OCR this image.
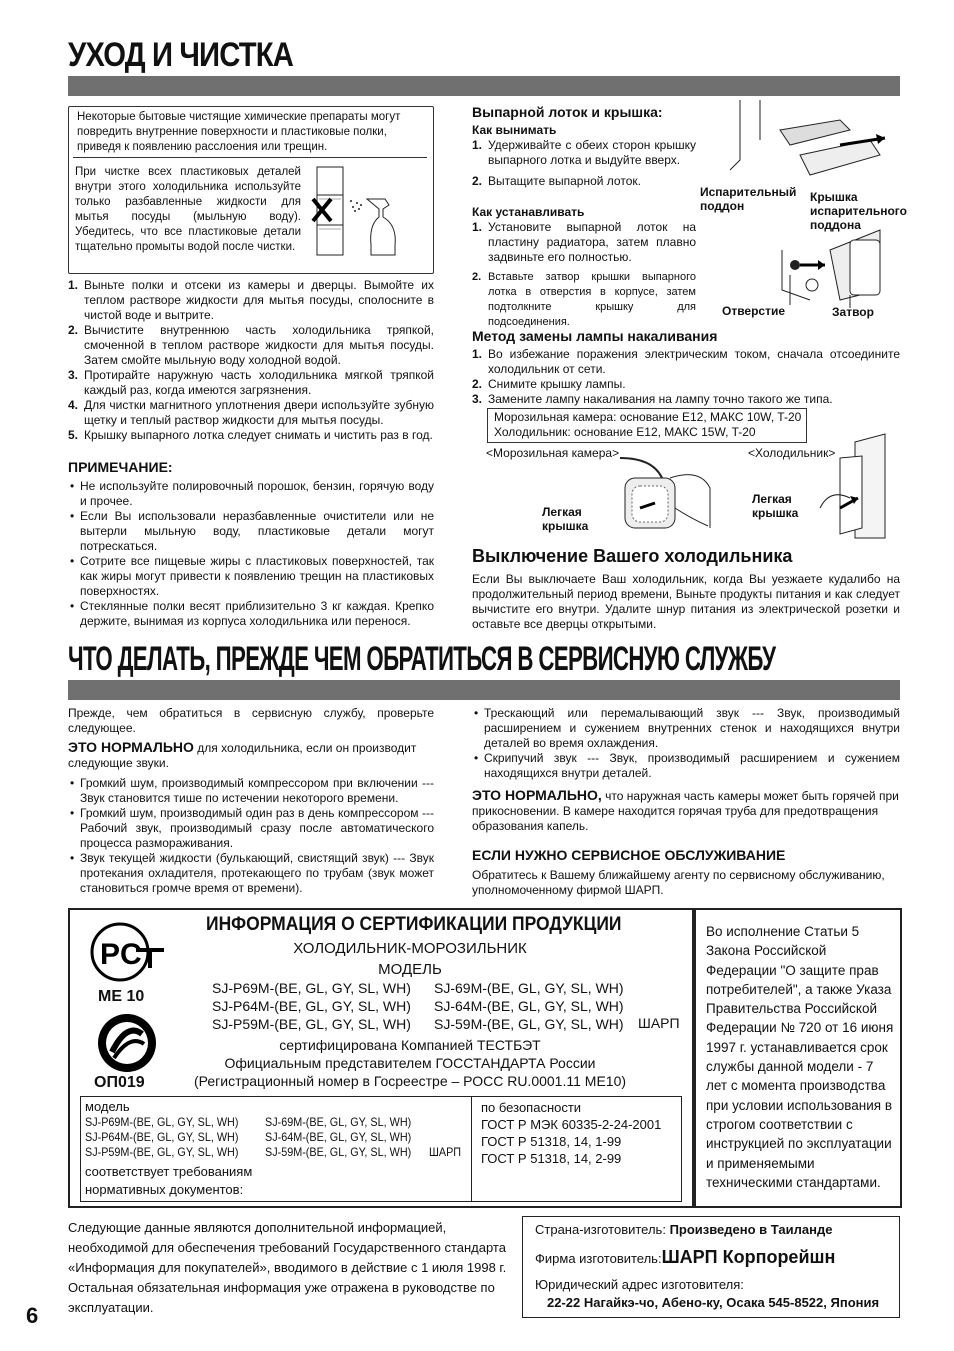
УХОД И ЧИСТКА
Некоторые бытовые чистящие химические препараты могут повредить внутренние поверхности и пластиковые полки, приведя к появлению расслоения или трещин.
При чистке всех пластиковых деталей внутри этого холодильника используйте только разбавленные жидкости для мытья посуды (мыльную воду). Убедитесь, что все пластиковые детали тщательно промыты водой после чистки.
1. Выньте полки и отсеки из камеры и дверцы. Вымойте их теплом растворе жидкости для мытья посуды, сполосните в чистой воде и вытрите.
2. Вычистите внутреннюю часть холодильника тряпкой, смоченной в теплом растворе жидкости для мытья посуды. Затем смойте мыльную воду холодной водой.
3. Протирайте наружную часть холодильника мягкой тряпкой каждый раз, когда имеются загрязнения.
4. Для чистки магнитного уплотнения двери используйте зубную щетку и теплый раствор жидкости для мытья посуды.
5. Крышку выпарного лотка следует снимать и чистить раз в год.
ПРИМЕЧАНИЕ:
• Не используйте полировочный порошок, бензин, горячую воду и прочее.
• Если Вы использовали неразбавленные очистители или не вытерли мыльную воду, пластиковые детали могут потрескаться.
• Сотрите все пищевые жиры с пластиковых поверхностей, так как жиры могут привести к появлению трещин на пластиковых поверхностях.
• Стеклянные полки весят приблизительно 3 кг каждая. Крепко держите, вынимая из корпуса холодильника или перенося.
Выпарной лоток и крышка:
Как вынимать
1. Удерживайте с обеих сторон крышку выпарного лотка и выдуйте вверх.
2. Вытащите выпарной лоток.
Как устанавливать
1. Установите выпарной лоток на пластину радиатора, затем плавно задвиньте его полностью.
2. Вставьте затвор крышки выпарного лотка в отверстия в корпусе, затем подтолкните крышку для подсоединения.
Испарительный поддон
Крышка испарительного поддона
Отверстие	Затвор
Метод замены лампы накаливания
1. Во избежание поражения электрическим током, сначала отсоедините холодильник от сети.
2. Снимите крышку лампы.
3. Замените лампу накаливания на лампу точно такого же типа.
Морозильная камера: основание E12, МАКС 10W, T-20
Холодильник: основание E12, МАКС 15W, T-20
<Морозильная камера>	<Холодильник>
Легкая крышка
Легкая крышка
Выключение Вашего холодильника
Если Вы выключаете Ваш холодильник, когда Вы уезжаете кудалибо на продолжительный период времени, Выньте продукты питания и как следует вычистите его внутри. Удалите шнур питания из электрической розетки и оставьте все дверцы открытыми.
ЧТО ДЕЛАТЬ, ПРЕЖДЕ ЧЕМ ОБРАТИТЬСЯ В СЕРВИСНУЮ СЛУЖБУ
Прежде, чем обратиться в сервисную службу, проверьте следующее.
ЭТО НОРМАЛЬНО для холодильника, если он производит следующие звуки.
• Громкий шум, производимый компрессором при включении --- Звук становится тише по истечении некоторого времени.
• Громкий шум, производимый один раз в день компрессором --- Рабочий звук, производимый сразу после автоматического процесса размораживания.
• Звук текущей жидкости (булькающий, свистящий звук) --- Звук протекания охладителя, протекающего по трубам (звук может становиться громче время от времени).
• Трескающий или перемалывающий звук --- Звук, производимый расширением и сужением внутренних стенок и находящихся внутри деталей во время охлаждения.
• Скрипучий звук --- Звук, производимый расширением и сужением находящихся внутри деталей.
ЭТО НОРМАЛЬНО, что наружная часть камеры может быть горячей при прикосновении. В камере находится горячая труба для предотвращения образования капель.
ЕСЛИ НУЖНО СЕРВИСНОЕ ОБСЛУЖИВАНИЕ
Обратитесь к Вашему ближайшему агенту по сервисному обслуживанию, уполномоченному фирмой ШАРП.
P C
ME 10
ОП019
ИНФОРМАЦИЯ О СЕРТИФИКАЦИИ ПРОДУКЦИИ
ХОЛОДИЛЬНИК-МОРОЗИЛЬНИК
МОДЕЛЬ
SJ-P69M-(BE, GL, GY, SL, WH)
SJ-P64M-(BE, GL, GY, SL, WH)
SJ-P59M-(BE, GL, GY, SL, WH)
SJ-69M-(BE, GL, GY, SL, WH)
SJ-64M-(BE, GL, GY, SL, WH)
SJ-59M-(BE, GL, GY, SL, WH) ШАРП
сертифицирована Компанией ТЕСТБЭТ
Официальным представителем ГОССТАНДАРТА России
(Регистрационный номер в Госреестре – РОСС RU.0001.11 МЕ10)
модель
SJ-P69M-(BE, GL, GY, SL, WH)
SJ-P64M-(BE, GL, GY, SL, WH)
SJ-P59M-(BE, GL, GY, SL, WH)
SJ-69M-(BE, GL, GY, SL, WH)
SJ-64M-(BE, GL, GY, SL, WH)
SJ-59M-(BE, GL, GY, SL, WH) ШАРП
соответствует требованиям
нормативных документов:
по безопасности
ГОСТ Р МЭК 60335-2-24-2001
ГОСТ Р 51318, 14, 1-99
ГОСТ Р 51318, 14, 2-99
Во исполнение Статьи 5 Закона Российской Федерации "О защите прав потребителей", а также Указа Правительства Российской Федерации № 720 от 16 июня 1997 г. устанавливается срок службы данной модели - 7 лет с момента производства при условии использования в строгом соответствии с инструкцией по эксплуатации и применяемыми техническими стандартами.
Следующие данные являются дополнительной информацией, необходимой для обеспечения требований Государственного стандарта «Информация для покупателей», вводимого в действие с 1 июля 1998 г. Остальная обязательная информация уже отражена в руководстве по эксплуатации.
Страна-изготовитель: Произведено в Таиланде
Фирма изготовитель:ШАРП Корпорейшн
Юридический адрес изготовителя:
22-22 Нагайкэ-чо, Абено-ку, Осака 545-8522, Япония
6
